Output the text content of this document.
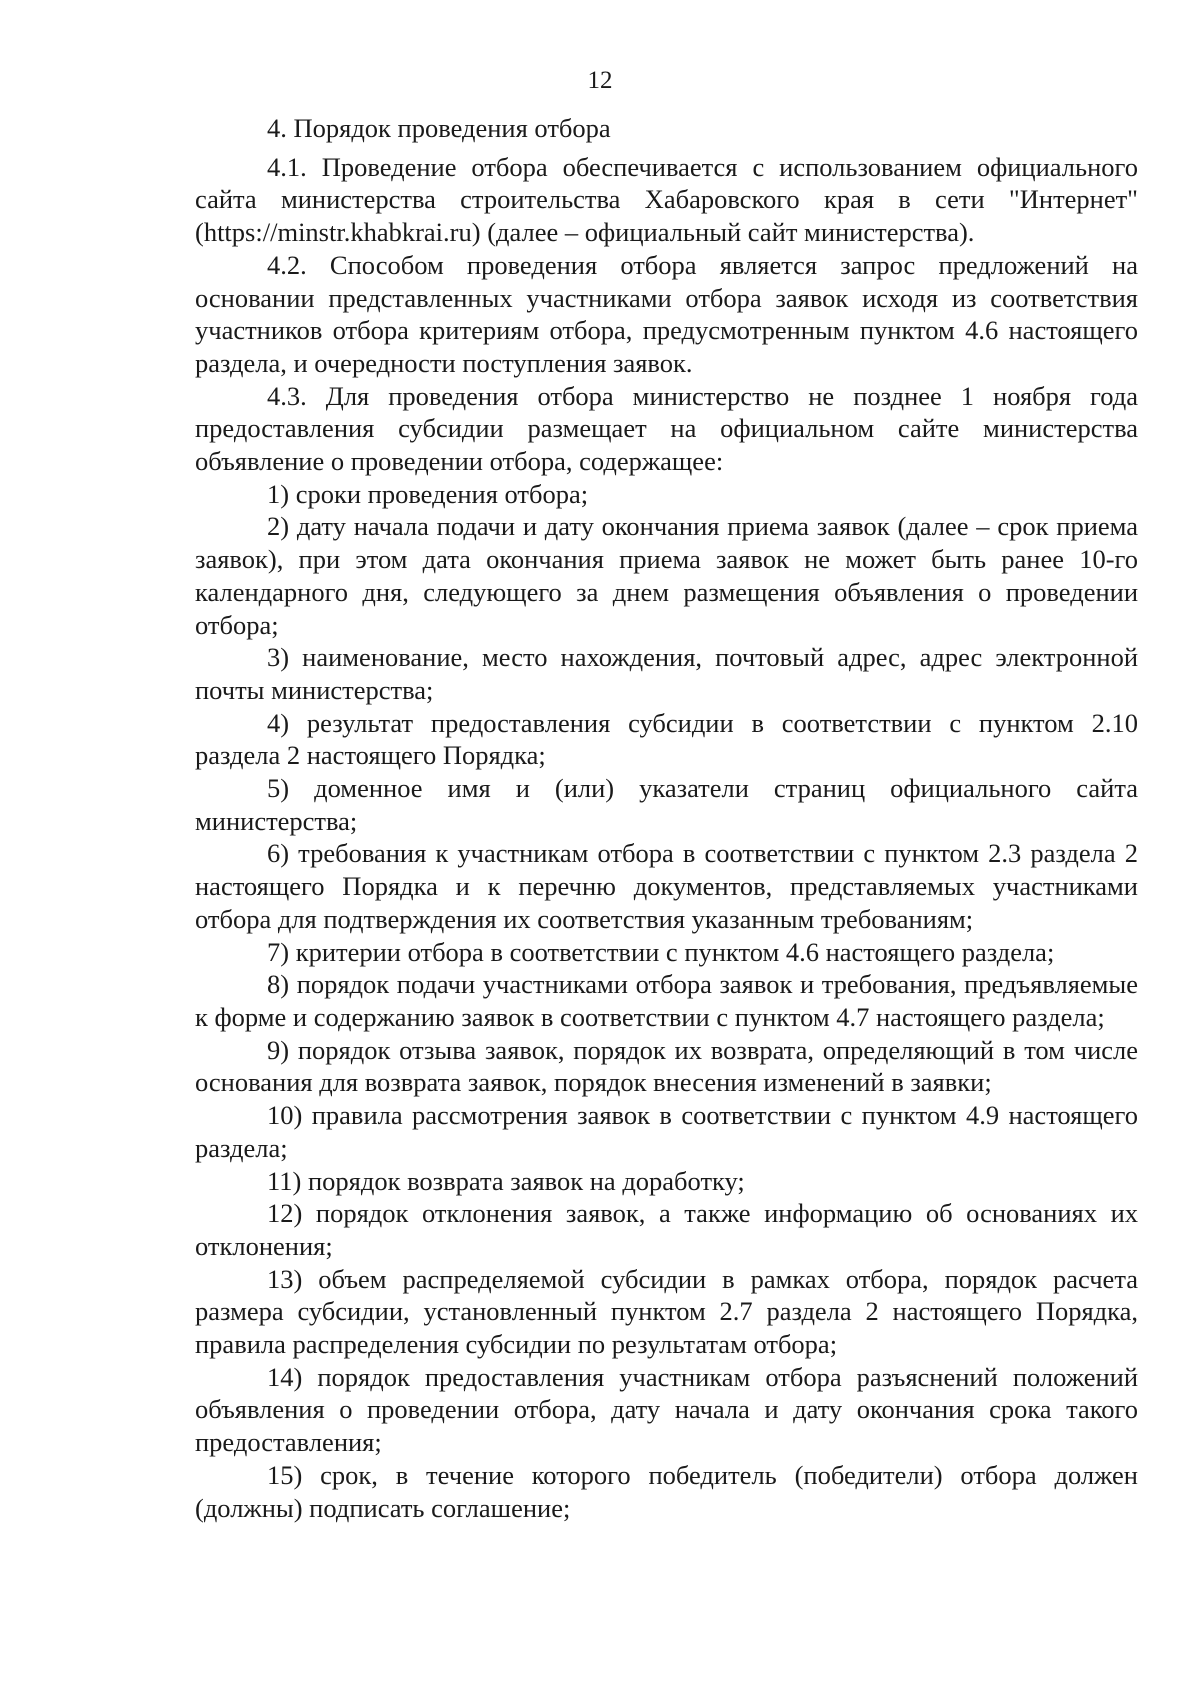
12

4. Порядок проведения отбора

4.1. Проведение отбора обеспечивается с использованием официального сайта министерства строительства Хабаровского края в сети "Интернет" (https://minstr.khabkrai.ru) (далее – официальный сайт министерства).

4.2. Способом проведения отбора является запрос предложений на основании представленных участниками отбора заявок исходя из соответствия участников отбора критериям отбора, предусмотренным пунктом 4.6 настоящего раздела, и очередности поступления заявок.

4.3. Для проведения отбора министерство не позднее 1 ноября года предоставления субсидии размещает на официальном сайте министерства объявление о проведении отбора, содержащее:

1) сроки проведения отбора;

2) дату начала подачи и дату окончания приема заявок (далее – срок приема заявок), при этом дата окончания приема заявок не может быть ранее 10-го календарного дня, следующего за днем размещения объявления о проведении отбора;

3) наименование, место нахождения, почтовый адрес, адрес электронной почты министерства;

4) результат предоставления субсидии в соответствии с пунктом 2.10 раздела 2 настоящего Порядка;

5) доменное имя и (или) указатели страниц официального сайта министерства;

6) требования к участникам отбора в соответствии с пунктом 2.3 раздела 2 настоящего Порядка и к перечню документов, представляемых участниками отбора для подтверждения их соответствия указанным требованиям;

7) критерии отбора в соответствии с пунктом 4.6 настоящего раздела;

8) порядок подачи участниками отбора заявок и требования, предъявляемые к форме и содержанию заявок в соответствии с пунктом 4.7 настоящего раздела;

9) порядок отзыва заявок, порядок их возврата, определяющий в том числе основания для возврата заявок, порядок внесения изменений в заявки;

10) правила рассмотрения заявок в соответствии с пунктом 4.9 настоящего раздела;

11) порядок возврата заявок на доработку;

12) порядок отклонения заявок, а также информацию об основаниях их отклонения;

13) объем распределяемой субсидии в рамках отбора, порядок расчета размера субсидии, установленный пунктом 2.7 раздела 2 настоящего Порядка, правила распределения субсидии по результатам отбора;

14) порядок предоставления участникам отбора разъяснений положений объявления о проведении отбора, дату начала и дату окончания срока такого предоставления;

15) срок, в течение которого победитель (победители) отбора должен (должны) подписать соглашение;
